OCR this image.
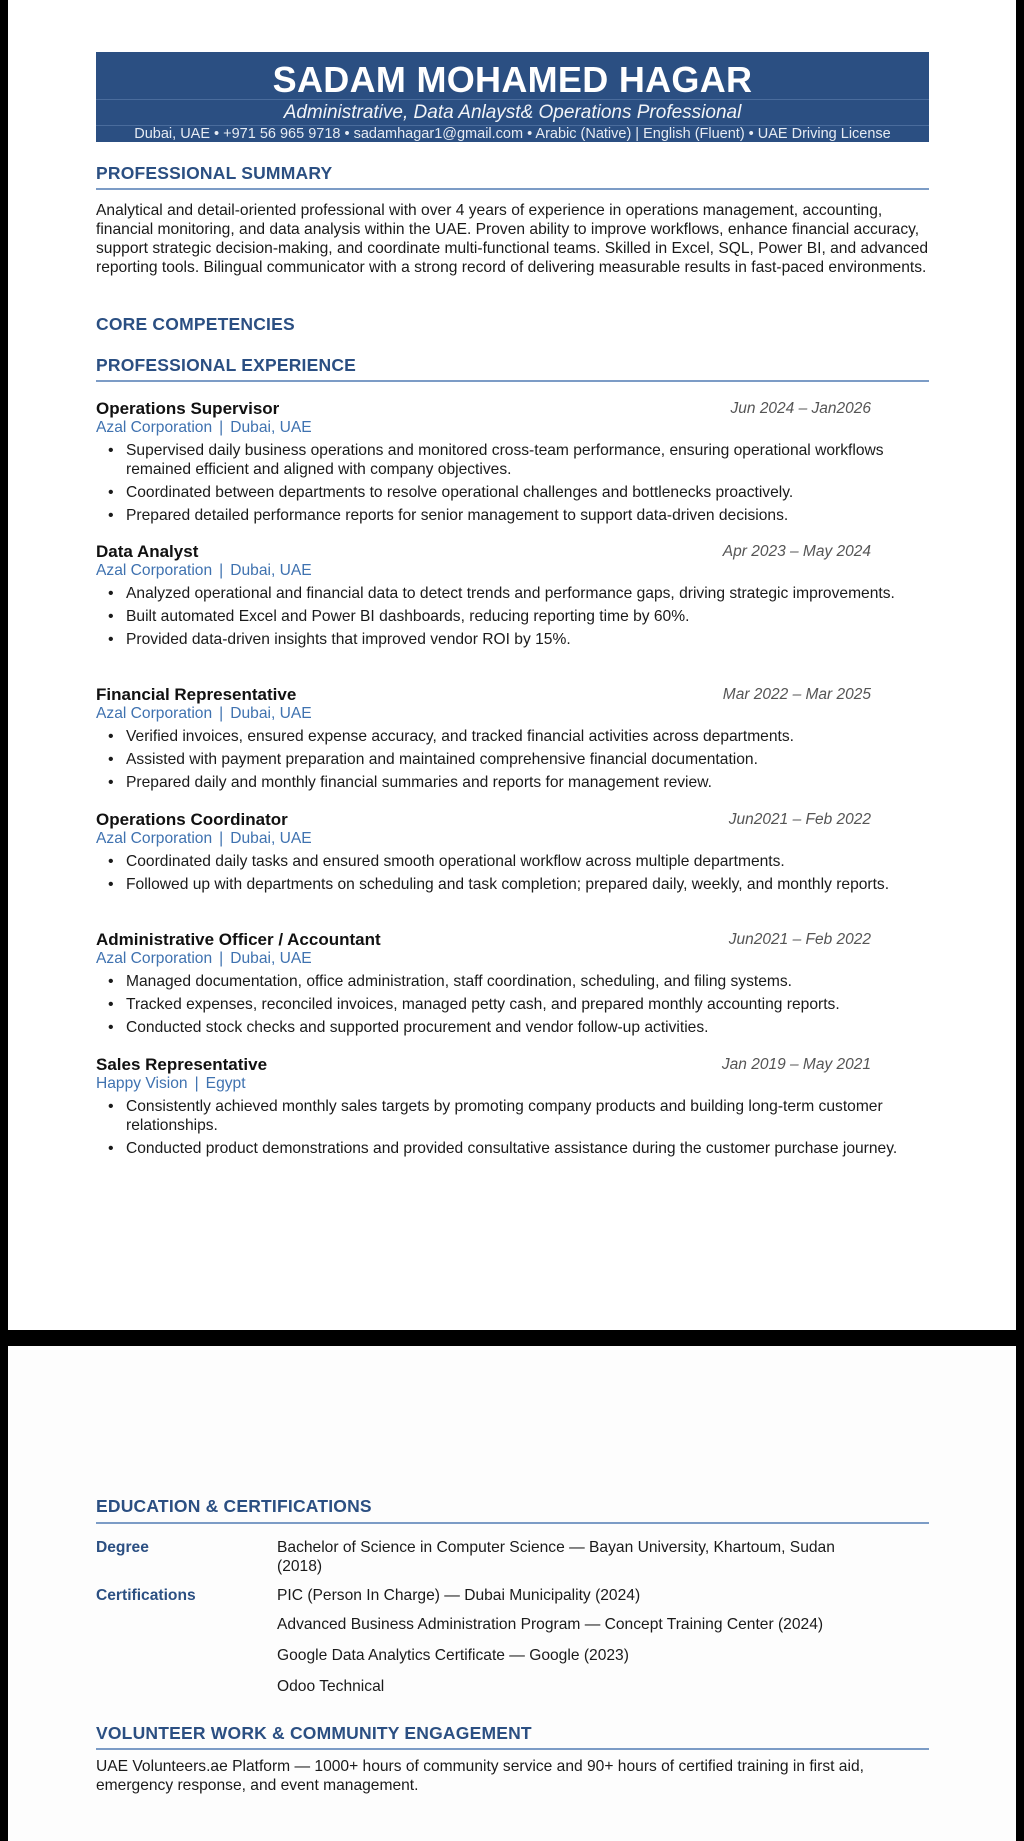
SADAM MOHAMED HAGAR
Administrative, Data Anlayst& Operations Professional
Dubai, UAE • +971 56 965 9718 • sadamhagar1@gmail.com • Arabic (Native) | English (Fluent) • UAE Driving License
PROFESSIONAL SUMMARY
Analytical and detail-oriented professional with over 4 years of experience in operations management, accounting, financial monitoring, and data analysis within the UAE. Proven ability to improve workflows, enhance financial accuracy, support strategic decision-making, and coordinate multi-functional teams. Skilled in Excel, SQL, Power BI, and advanced reporting tools. Bilingual communicator with a strong record of delivering measurable results in fast-paced environments.
CORE COMPETENCIES
PROFESSIONAL EXPERIENCE
Operations Supervisor	Jun 2024 – Jan2026
Azal Corporation | Dubai, UAE
• Supervised daily business operations and monitored cross-team performance, ensuring operational workflows remained efficient and aligned with company objectives.
• Coordinated between departments to resolve operational challenges and bottlenecks proactively.
• Prepared detailed performance reports for senior management to support data-driven decisions.
Data Analyst	Apr 2023 – May 2024
Azal Corporation | Dubai, UAE
• Analyzed operational and financial data to detect trends and performance gaps, driving strategic improvements.
• Built automated Excel and Power BI dashboards, reducing reporting time by 60%.
• Provided data-driven insights that improved vendor ROI by 15%.
Financial Representative	Mar 2022 – Mar 2025
Azal Corporation | Dubai, UAE
• Verified invoices, ensured expense accuracy, and tracked financial activities across departments.
• Assisted with payment preparation and maintained comprehensive financial documentation.
• Prepared daily and monthly financial summaries and reports for management review.
Operations Coordinator	Jun2021 – Feb 2022
Azal Corporation | Dubai, UAE
• Coordinated daily tasks and ensured smooth operational workflow across multiple departments.
• Followed up with departments on scheduling and task completion; prepared daily, weekly, and monthly reports.
Administrative Officer / Accountant	Jun2021 – Feb 2022
Azal Corporation | Dubai, UAE
• Managed documentation, office administration, staff coordination, scheduling, and filing systems.
• Tracked expenses, reconciled invoices, managed petty cash, and prepared monthly accounting reports.
• Conducted stock checks and supported procurement and vendor follow-up activities.
Sales Representative	Jan 2019 – May 2021
Happy Vision | Egypt
• Consistently achieved monthly sales targets by promoting company products and building long-term customer relationships.
• Conducted product demonstrations and provided consultative assistance during the customer purchase journey.
EDUCATION & CERTIFICATIONS
Degree	Bachelor of Science in Computer Science — Bayan University, Khartoum, Sudan (2018)
Certifications	PIC (Person In Charge) — Dubai Municipality (2024)
Advanced Business Administration Program — Concept Training Center (2024)
Google Data Analytics Certificate — Google (2023)
Odoo Technical
VOLUNTEER WORK & COMMUNITY ENGAGEMENT
UAE Volunteers.ae Platform — 1000+ hours of community service and 90+ hours of certified training in first aid, emergency response, and event management.
